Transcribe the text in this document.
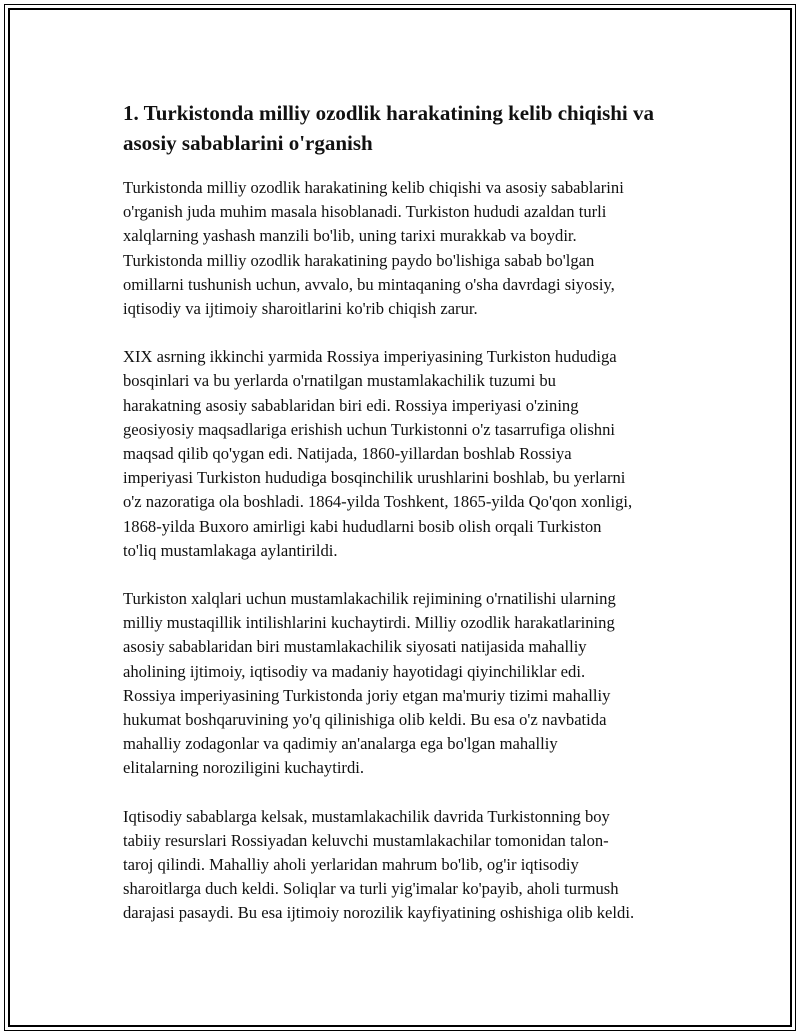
1. Turkistonda milliy ozodlik harakatining kelib chiqishi va
asosiy sabablarini o'rganish

Turkistonda milliy ozodlik harakatining kelib chiqishi va asosiy sabablarini
o'rganish juda muhim masala hisoblanadi. Turkiston hududi azaldan turli
xalqlarning yashash manzili bo'lib, uning tarixi murakkab va boydir.
Turkistonda milliy ozodlik harakatining paydo bo'lishiga sabab bo'lgan
omillarni tushunish uchun, avvalo, bu mintaqaning o'sha davrdagi siyosiy,
iqtisodiy va ijtimoiy sharoitlarini ko'rib chiqish zarur.

XIX asrning ikkinchi yarmida Rossiya imperiyasining Turkiston hududiga
bosqinlari va bu yerlarda o'rnatilgan mustamlakachilik tuzumi bu
harakatning asosiy sabablaridan biri edi. Rossiya imperiyasi o'zining
geosiyosiy maqsadlariga erishish uchun Turkistonni o'z tasarrufiga olishni
maqsad qilib qo'ygan edi. Natijada, 1860-yillardan boshlab Rossiya
imperiyasi Turkiston hududiga bosqinchilik urushlarini boshlab, bu yerlarni
o'z nazoratiga ola boshladi. 1864-yilda Toshkent, 1865-yilda Qo'qon xonligi,
1868-yilda Buxoro amirligi kabi hududlarni bosib olish orqali Turkiston
to'liq mustamlakaga aylantirildi.

Turkiston xalqlari uchun mustamlakachilik rejimining o'rnatilishi ularning
milliy mustaqillik intilishlarini kuchaytirdi. Milliy ozodlik harakatlarining
asosiy sabablaridan biri mustamlakachilik siyosati natijasida mahalliy
aholining ijtimoiy, iqtisodiy va madaniy hayotidagi qiyinchiliklar edi.
Rossiya imperiyasining Turkistonda joriy etgan ma'muriy tizimi mahalliy
hukumat boshqaruvining yo'q qilinishiga olib keldi. Bu esa o'z navbatida
mahalliy zodagonlar va qadimiy an'analarga ega bo'lgan mahalliy
elitalarning noroziligini kuchaytirdi.

Iqtisodiy sabablarga kelsak, mustamlakachilik davrida Turkistonning boy
tabiiy resurslari Rossiyadan keluvchi mustamlakachilar tomonidan talon-
taroj qilindi. Mahalliy aholi yerlaridan mahrum bo'lib, og'ir iqtisodiy
sharoitlarga duch keldi. Soliqlar va turli yig'imalar ko'payib, aholi turmush
darajasi pasaydi. Bu esa ijtimoiy norozilik kayfiyatining oshishiga olib keldi.
